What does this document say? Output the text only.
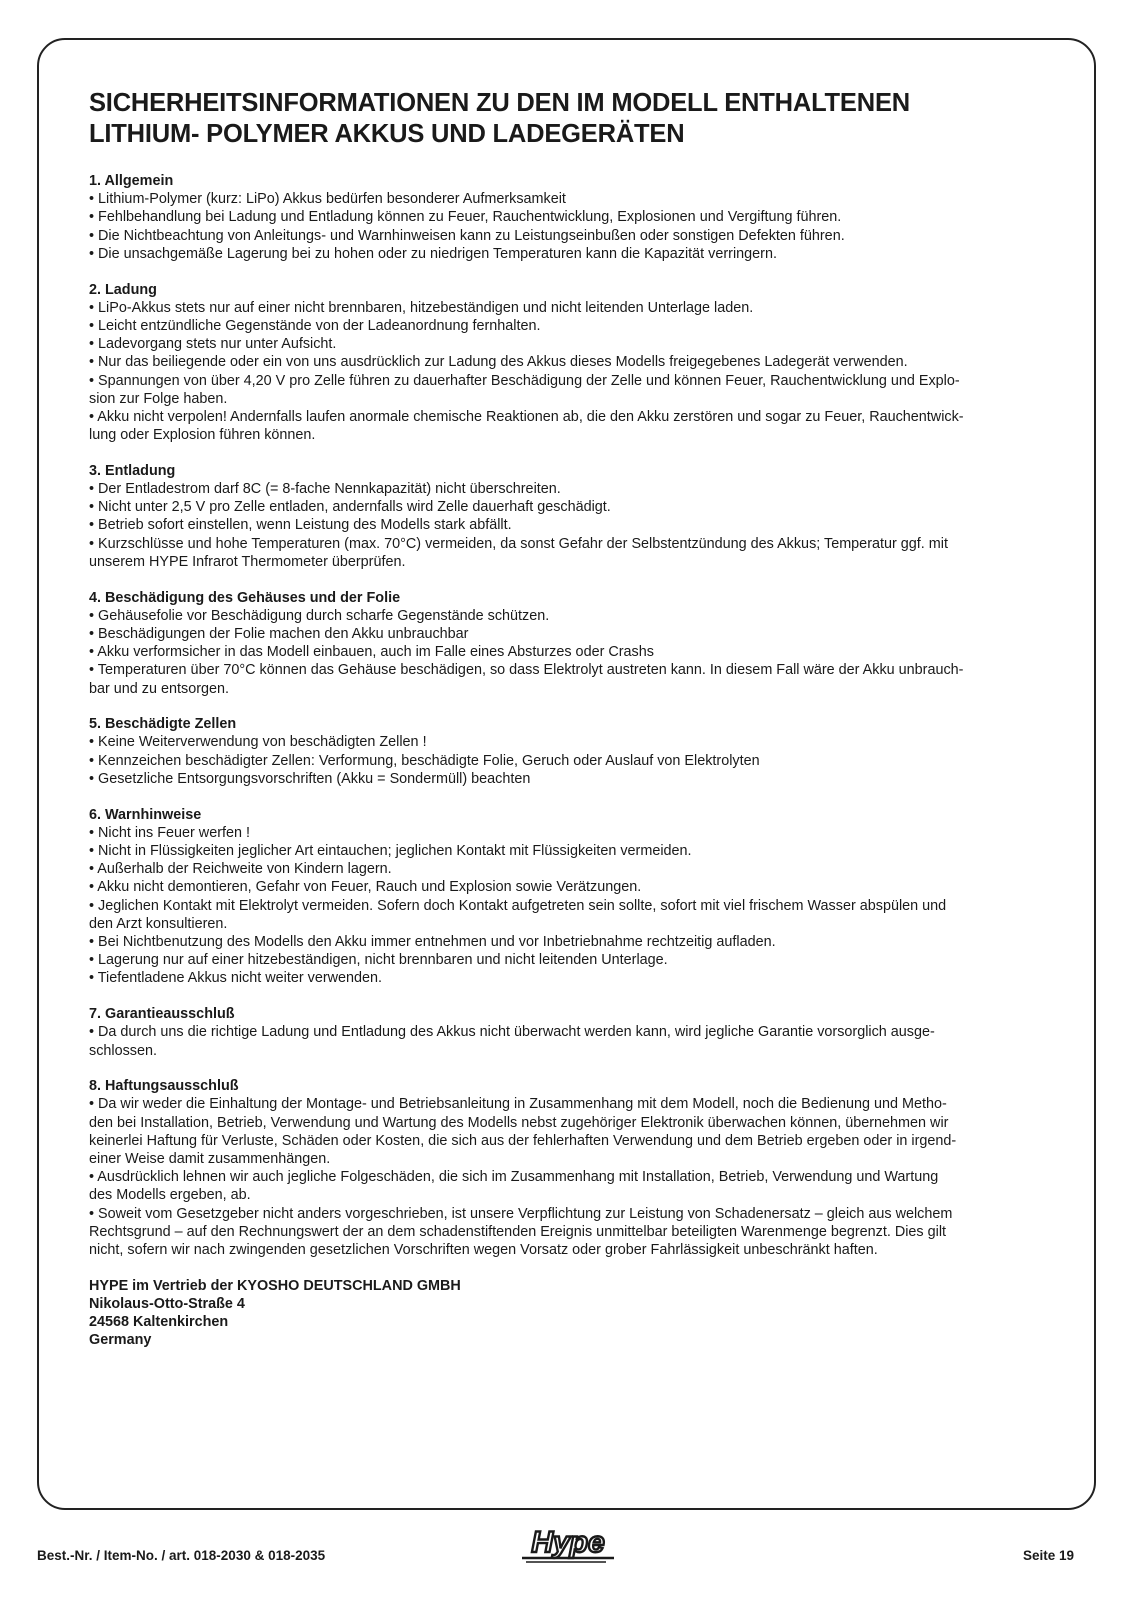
SICHERHEITSINFORMATIONEN ZU DEN IM MODELL ENTHALTENEN
LITHIUM- POLYMER AKKUS UND LADEGERÄTEN
1. Allgemein

• Lithium-Polymer (kurz: LiPo) Akkus bedürfen besonderer Aufmerksamkeit

• Fehlbehandlung bei Ladung und Entladung können zu Feuer, Rauchentwicklung, Explosionen und Vergiftung führen.

• Die Nichtbeachtung von Anleitungs- und Warnhinweisen kann zu Leistungseinbußen oder sonstigen Defekten führen.

• Die unsachgemäße Lagerung bei zu hohen oder zu niedrigen Temperaturen kann die Kapazität verringern.

2. Ladung

• LiPo-Akkus stets nur auf einer nicht brennbaren, hitzebeständigen und nicht leitenden Unterlage laden.

• Leicht entzündliche Gegenstände von der Ladeanordnung fernhalten.

• Ladevorgang stets nur unter Aufsicht.

• Nur das beiliegende oder ein von uns ausdrücklich zur Ladung des Akkus dieses Modells freigegebenes Ladegerät verwenden.

• Spannungen von über 4,20 V pro Zelle führen zu dauerhafter Beschädigung der Zelle und können Feuer, Rauchentwicklung und Explo-

sion zur Folge haben.

• Akku nicht verpolen! Andernfalls laufen anormale chemische Reaktionen ab, die den Akku zerstören und sogar zu Feuer, Rauchentwick-

lung oder Explosion führen können.

3. Entladung

• Der Entladestrom darf 8C (= 8-fache Nennkapazität) nicht überschreiten.

• Nicht unter 2,5 V pro Zelle entladen, andernfalls wird Zelle dauerhaft geschädigt.

• Betrieb sofort einstellen, wenn Leistung des Modells stark abfällt.

• Kurzschlüsse und hohe Temperaturen (max. 70°C) vermeiden, da sonst Gefahr der Selbstentzündung des Akkus; Temperatur ggf. mit

unserem HYPE Infrarot Thermometer überprüfen.

4. Beschädigung des Gehäuses und der Folie

• Gehäusefolie vor Beschädigung durch scharfe Gegenstände schützen.

• Beschädigungen der Folie machen den Akku unbrauchbar

• Akku verformsicher in das Modell einbauen, auch im Falle eines Absturzes oder Crashs

• Temperaturen über 70°C können das Gehäuse beschädigen, so dass Elektrolyt austreten kann. In diesem Fall wäre der Akku unbrauch-

bar und zu entsorgen.

5. Beschädigte Zellen

• Keine Weiterverwendung von beschädigten Zellen !

• Kennzeichen beschädigter Zellen: Verformung, beschädigte Folie, Geruch oder Auslauf von Elektrolyten

• Gesetzliche Entsorgungsvorschriften (Akku = Sondermüll) beachten

6. Warnhinweise

• Nicht ins Feuer werfen !

• Nicht in Flüssigkeiten jeglicher Art eintauchen; jeglichen Kontakt mit Flüssigkeiten vermeiden.

• Außerhalb der Reichweite von Kindern lagern.

• Akku nicht demontieren, Gefahr von Feuer, Rauch und Explosion sowie Verätzungen.

• Jeglichen Kontakt mit Elektrolyt vermeiden. Sofern doch Kontakt aufgetreten sein sollte, sofort mit viel frischem Wasser abspülen und

den Arzt konsultieren.

• Bei Nichtbenutzung des Modells den Akku immer entnehmen und vor Inbetriebnahme rechtzeitig aufladen.

• Lagerung nur auf einer hitzebeständigen, nicht brennbaren und nicht leitenden Unterlage.

• Tiefentladene Akkus nicht weiter verwenden.

7. Garantieausschluß

• Da durch uns die richtige Ladung und Entladung des Akkus nicht überwacht werden kann, wird jegliche Garantie vorsorglich ausge-

schlossen.

8. Haftungsausschluß

• Da wir weder die Einhaltung der Montage- und Betriebsanleitung in Zusammenhang mit dem Modell, noch die Bedienung und Metho-

den bei Installation, Betrieb, Verwendung und Wartung des Modells nebst zugehöriger Elektronik überwachen können, übernehmen wir

keinerlei Haftung für Verluste, Schäden oder Kosten, die sich aus der fehlerhaften Verwendung und dem Betrieb ergeben oder in irgend-

einer Weise damit zusammenhängen.

• Ausdrücklich lehnen wir auch jegliche Folgeschäden, die sich im Zusammenhang mit Installation, Betrieb, Verwendung und Wartung

des Modells ergeben, ab.

• Soweit vom Gesetzgeber nicht anders vorgeschrieben, ist unsere Verpflichtung zur Leistung von Schadenersatz – gleich aus welchem

Rechtsgrund – auf den Rechnungswert der an dem schadenstiftenden Ereignis unmittelbar beteiligten Warenmenge begrenzt. Dies gilt

nicht, sofern wir nach zwingenden gesetzlichen Vorschriften wegen Vorsatz oder grober Fahrlässigkeit unbeschränkt haften.

HYPE im Vertrieb der KYOSHO DEUTSCHLAND GMBH
Nikolaus-Otto-Straße 4
24568 Kaltenkirchen
Germany
Best.-Nr. / Item-No. / art. 018-2030 & 018-2035	Hype	Seite 19
